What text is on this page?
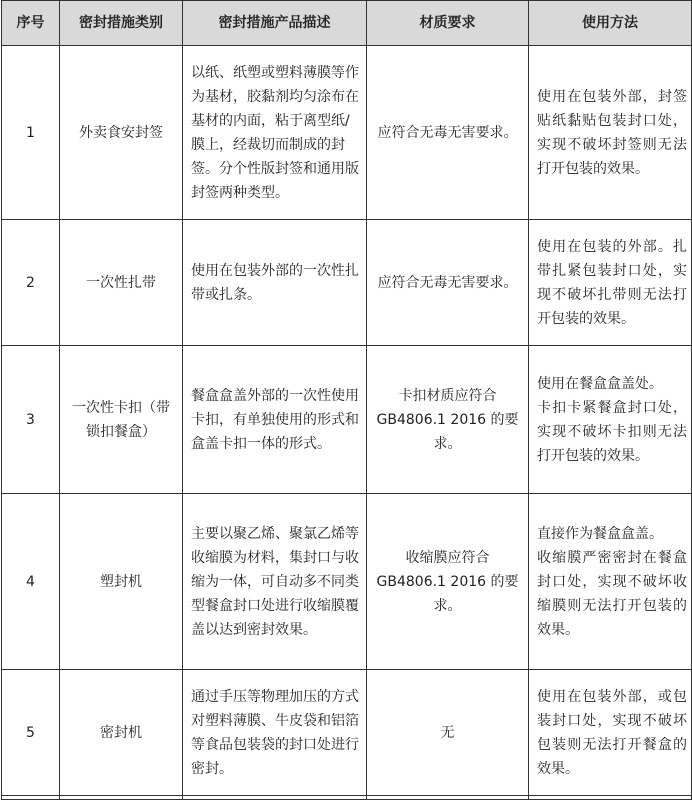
序号	密封措施类别	密封措施产品描述	材质要求	使用方法
1	外卖食安封签	以纸、纸塑或塑料薄膜等作为基材，胶黏剂均匀涂布在基材的内面，粘于离型纸/膜上，经裁切而制成的封签。分个性版封签和通用版封签两种类型。	应符合无毒无害要求。	使用在包装外部，封签贴纸黏贴包装封口处，实现不破坏封签则无法打开包装的效果。

2	一次性扎带	使用在包装外部的一次性扎带或扎条。	应符合无毒无害要求。	使用在包装的外部。扎带扎紧包装封口处，实现不破坏扎带则无法打开包装的效果。

3	一次性卡扣（带锁扣餐盒）	餐盒盒盖外部的一次性使用卡扣，有单独使用的形式和盒盖卡扣一体的形式。	卡扣材质应符合GB4806.1 2016 的要求。	使用在餐盒盒盖处。
卡扣卡紧餐盒封口处，实现不破坏卡扣则无法打开包装的效果。

4	塑封机	主要以聚乙烯、聚氯乙烯等收缩膜为材料，集封口与收缩为一体，可自动多不同类型餐盒封口处进行收缩膜覆盖以达到密封效果。	收缩膜应符合GB4806.1 2016 的要求。	直接作为餐盒盒盖。
收缩膜严密密封在餐盒封口处，实现不破坏收缩膜则无法打开包装的效果。

5	密封机	通过手压等物理加压的方式对塑料薄膜、牛皮袋和铝箔等食品包装袋的封口处进行密封。	无	使用在包装外部，或包装封口处，实现不破坏包装则无法打开餐盒的效果。
